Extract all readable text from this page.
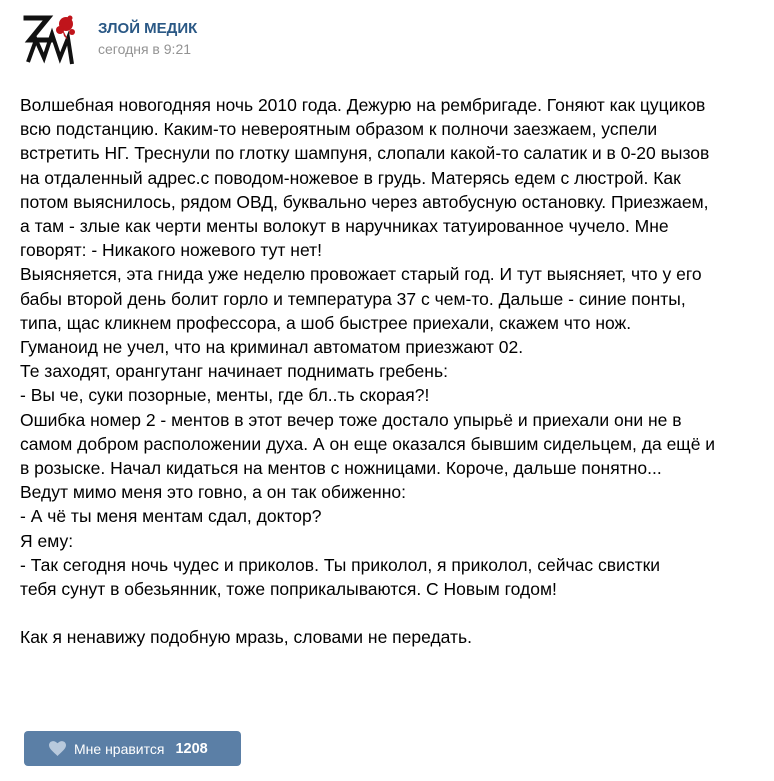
ЗЛОЙ МЕДИК
сегодня в 9:21
Волшебная новогодняя ночь 2010 года. Дежурю на рембригаде. Гоняют как цуциков
всю подстанцию. Каким-то невероятным образом к полночи заезжаем, успели
встретить НГ. Треснули по глотку шампуня, слопали какой-то салатик и в 0-20 вызов
на отдаленный адрес.с поводом-ножевое в грудь. Матерясь едем с люстрой. Как
потом выяснилось, рядом ОВД, буквально через автобусную остановку. Приезжаем,
а там - злые как черти менты волокут в наручниках татуированное чучело. Мне
говорят: - Никакого ножевого тут нет!
Выясняется, эта гнида уже неделю провожает старый год. И тут выясняет, что у его
бабы второй день болит горло и температура 37 с чем-то. Дальше - синие понты,
типа, щас кликнем профессора, а шоб быстрее приехали, скажем что нож.
Гуманоид не учел, что на криминал автоматом приезжают 02.
Те заходят, орангутанг начинает поднимать гребень:
- Вы че, суки позорные, менты, где бл..ть скорая?!
Ошибка номер 2 - ментов в этот вечер тоже достало упырьё и приехали они не в
самом добром расположении духа. А он еще оказался бывшим сидельцем, да ещё и
в розыске. Начал кидаться на ментов с ножницами. Короче, дальше понятно...
Ведут мимо меня это говно, а он так обиженно:
- А чё ты меня ментам сдал, доктор?
Я ему:
- Так сегодня ночь чудес и приколов. Ты приколол, я приколол, сейчас свистки
тебя сунут в обезьянник, тоже поприкалываются. С Новым годом!
Как я ненавижу подобную мразь, словами не передать.
Мне нравится 1208
